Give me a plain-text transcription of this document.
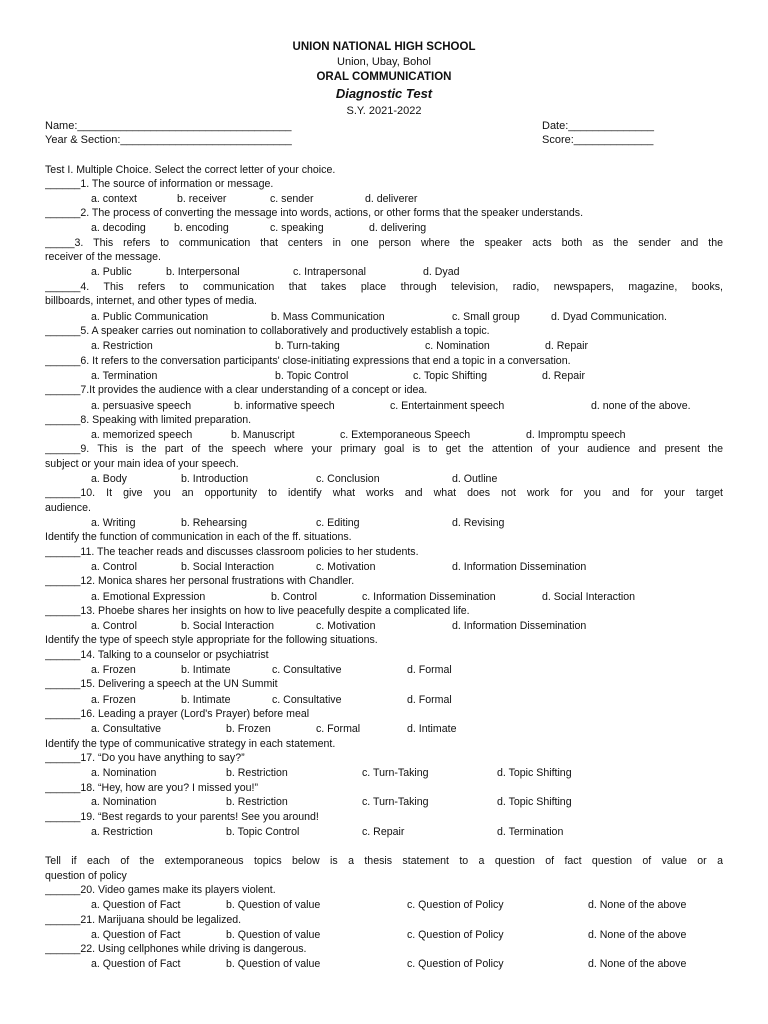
UNION NATIONAL HIGH SCHOOL
Union, Ubay, Bohol
ORAL COMMUNICATION
Diagnostic Test
S.Y. 2021-2022
Name:___________________________________
Year & Section:____________________________
Date:______________
Score:_____________
Test I. Multiple Choice. Select the correct letter of your choice.
______1. The source of information or message.
a. context	b. receiver	c. sender	d. deliverer
______2. The process of converting the message into words, actions, or other forms that the speaker understands.
a. decoding	b. encoding	c. speaking	d. delivering
_____3. This refers to communication that centers in one person where the speaker acts both as the sender and the
receiver of the message.
a. Public	b. Interpersonal	c. Intrapersonal	d. Dyad
______4. This refers to communication that takes place through television, radio, newspapers, magazine, books,
billboards, internet, and other types of media.
a. Public Communication	b. Mass Communication	c. Small group	d. Dyad Communication.
______5. A speaker carries out nomination to collaboratively and productively establish a topic.
a. Restriction	b. Turn-taking	c. Nomination	d. Repair
______6. It refers to the conversation participants' close-initiating expressions that end a topic in a conversation.
a. Termination	b. Topic Control	c. Topic Shifting	d. Repair
______7.It provides the audience with a clear understanding of a concept or idea.
a. persuasive speech	b. informative speech	c. Entertainment speech	d. none of the above.
______8. Speaking with limited preparation.
a. memorized speech	b. Manuscript	c. Extemporaneous Speech	d. Impromptu speech
______9. This is the part of the speech where your primary goal is to get the attention of your audience and present the
subject or your main idea of your speech.
a. Body	b. Introduction	c. Conclusion	d. Outline
______10. It give you an opportunity to identify what works and what does not work for you and for your target
audience.
a. Writing	b. Rehearsing	c. Editing	d. Revising
Identify the function of communication in each of the ff. situations.
______11. The teacher reads and discusses classroom policies to her students.
a. Control	b. Social Interaction	c. Motivation	d. Information Dissemination
______12. Monica shares her personal frustrations with Chandler.
a. Emotional Expression	b. Control	c. Information Dissemination	d. Social Interaction
______13. Phoebe shares her insights on how to live peacefully despite a complicated life.
a. Control	b. Social Interaction	c. Motivation	d. Information Dissemination
Identify the type of speech style appropriate for the following situations.
______14. Talking to a counselor or psychiatrist
a. Frozen	b. Intimate	c. Consultative	d. Formal
______15. Delivering a speech at the UN Summit
a. Frozen	b. Intimate	c. Consultative	d. Formal
______16. Leading a prayer (Lord's Prayer) before meal
a. Consultative	b. Frozen	c. Formal	d. Intimate
Identify the type of communicative strategy in each statement.
______17. “Do you have anything to say?”
a. Nomination	b. Restriction	c. Turn-Taking	d. Topic Shifting
______18. “Hey, how are you? I missed you!”
a. Nomination	b. Restriction	c. Turn-Taking	d. Topic Shifting
______19. “Best regards to your parents! See you around!
a. Restriction	b. Topic Control	c. Repair	d. Termination
Tell if each of the extemporaneous topics below is a thesis statement to a question of fact question of value or a
question of policy
______20. Video games make its players violent.
a. Question of Fact	b. Question of value	c. Question of Policy	d. None of the above
______21. Marijuana should be legalized.
a. Question of Fact	b. Question of value	c. Question of Policy	d. None of the above
______22. Using cellphones while driving is dangerous.
a. Question of Fact	b. Question of value	c. Question of Policy	d. None of the above
